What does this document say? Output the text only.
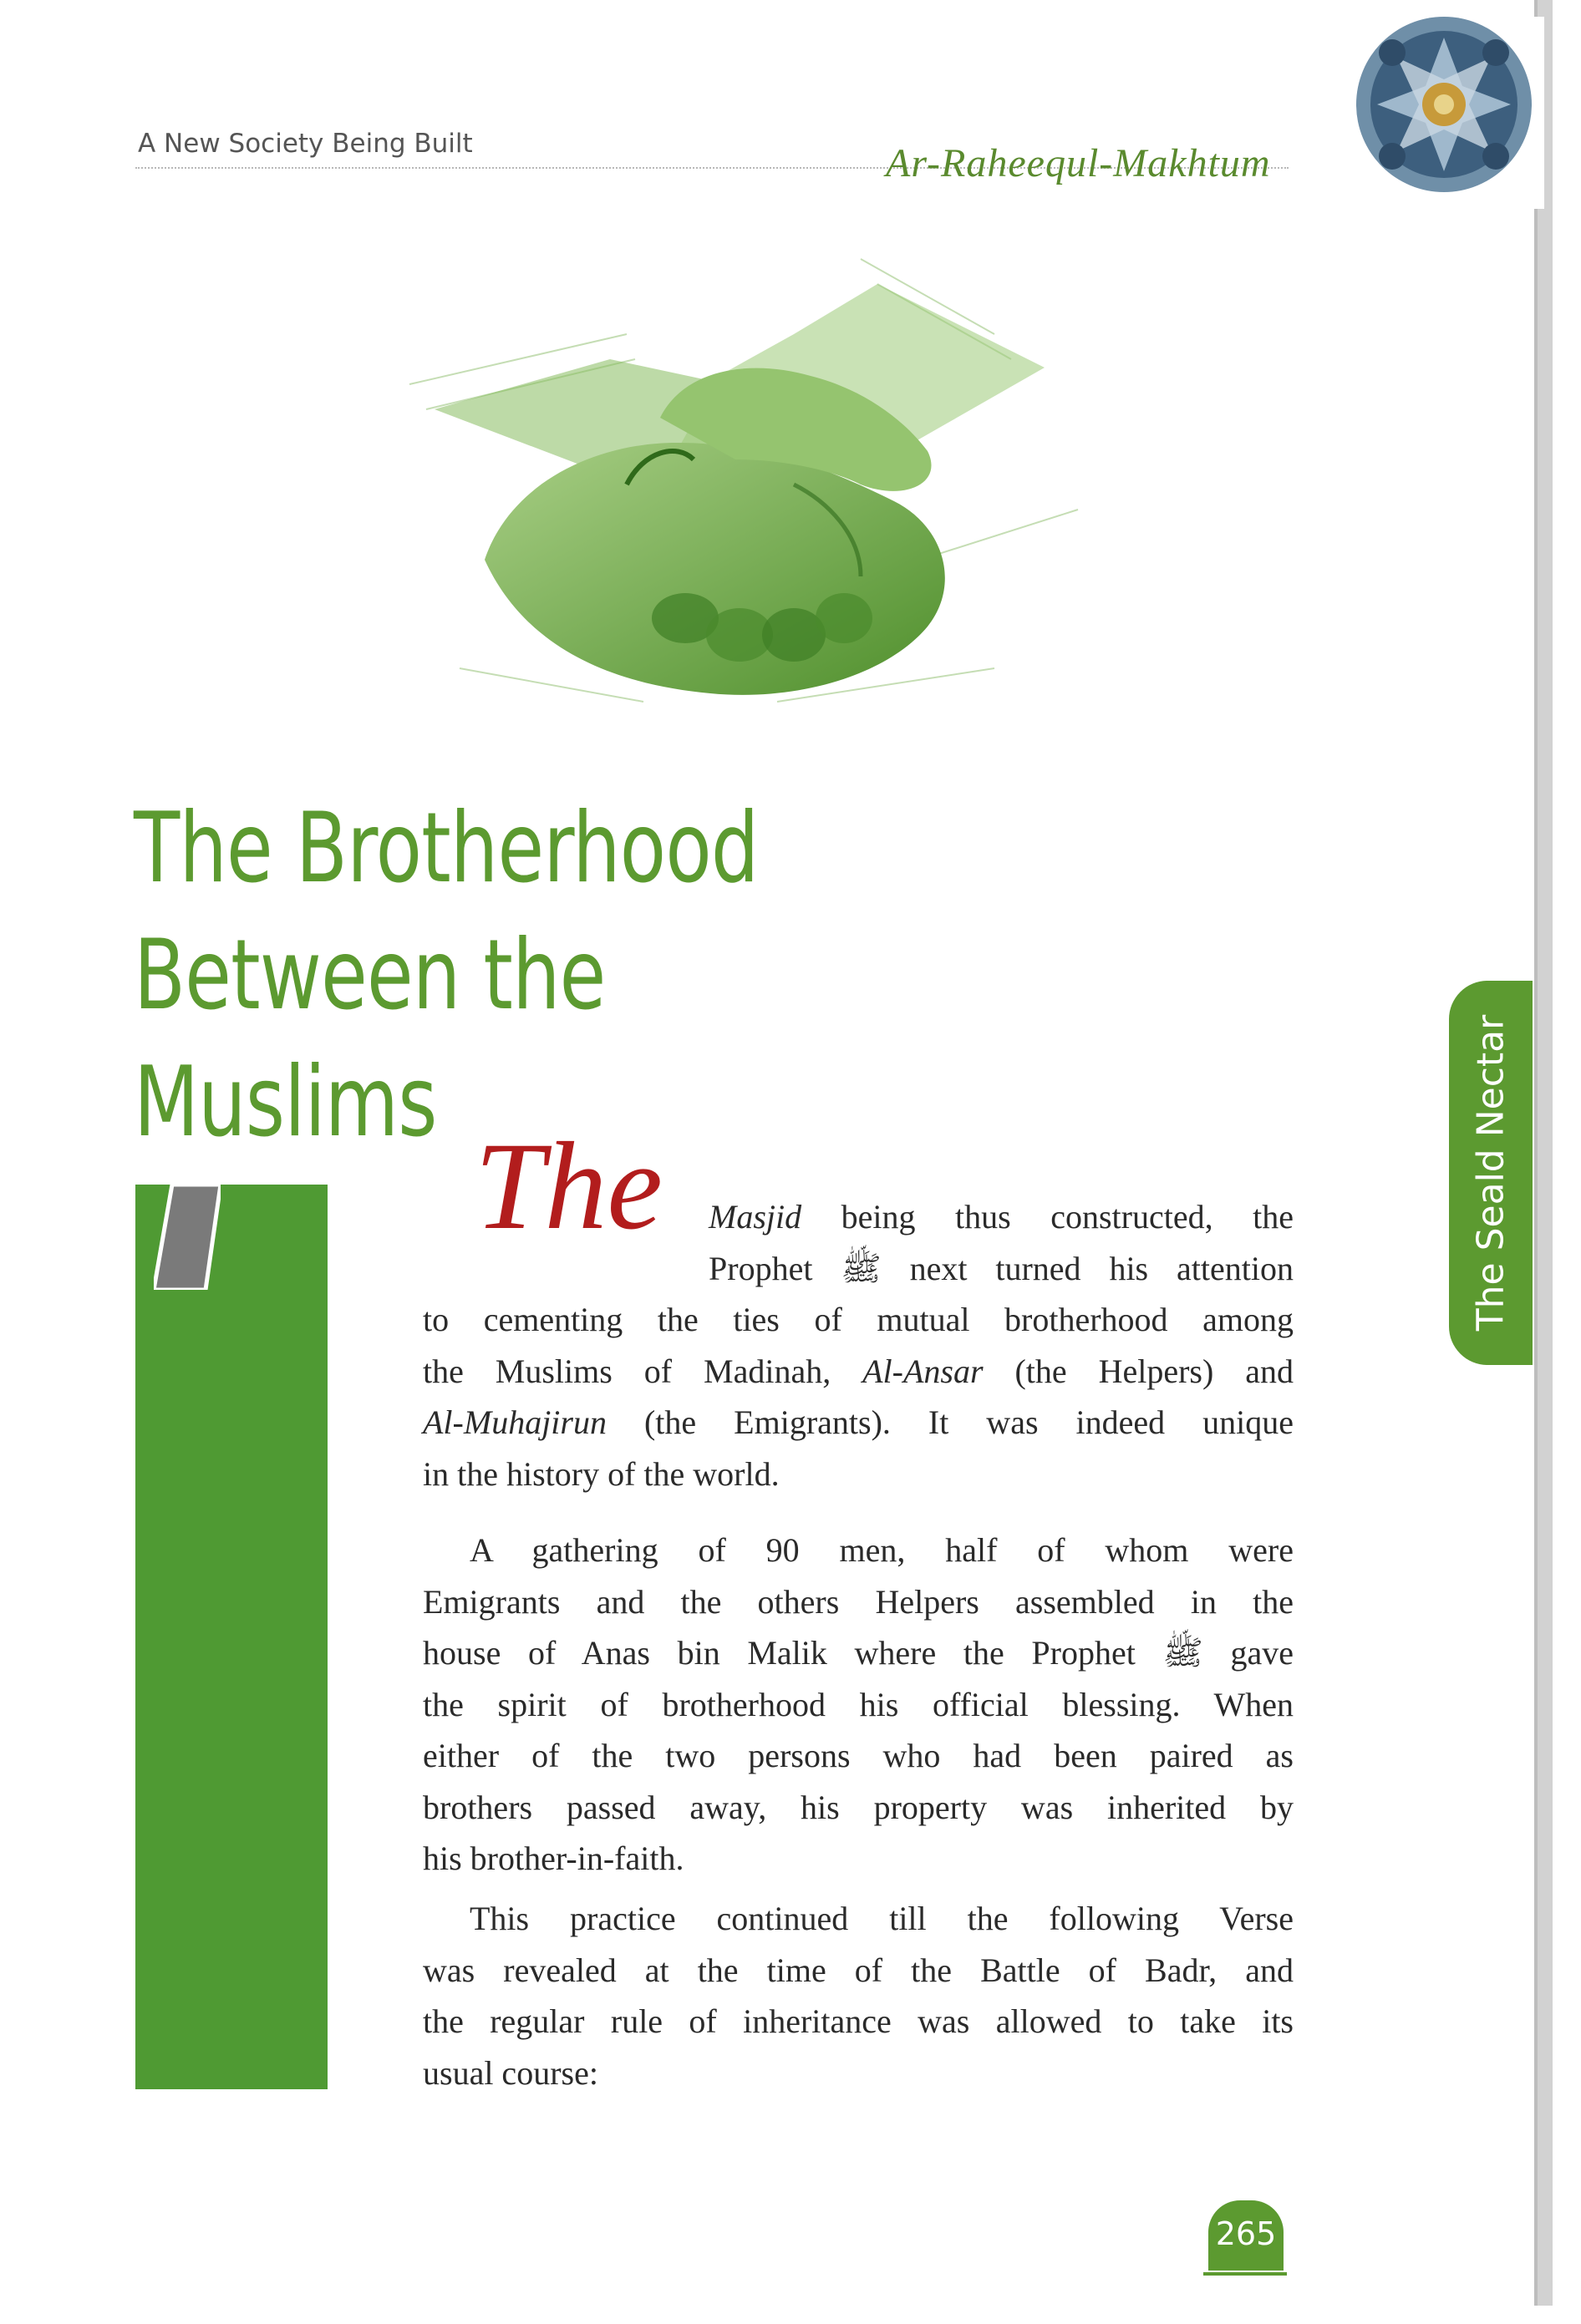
A New Society Being Built	Ar-Raheequl-Makhtum
The Brotherhood
Between the Muslims	The Seald Nectar
The Masjid being thus constructed, the
Prophet ﷺ next turned his attention

to cementing the ties of mutual brotherhood among
the Muslims of Madinah, Al-Ansar (the Helpers) and
Al-Muhajirun (the Emigrants). It was indeed unique
in the history of the world.

A gathering of 90 men, half of whom were
Emigrants and the others Helpers assembled in the
house of Anas bin Malik where the Prophet ﷺ gave
the spirit of brotherhood his official blessing. When
either of the two persons who had been paired as
brothers passed away, his property was inherited by
his brother-in-faith.

This practice continued till the following Verse
was revealed at the time of the Battle of Badr, and
the regular rule of inheritance was allowed to take its
usual course:

265
